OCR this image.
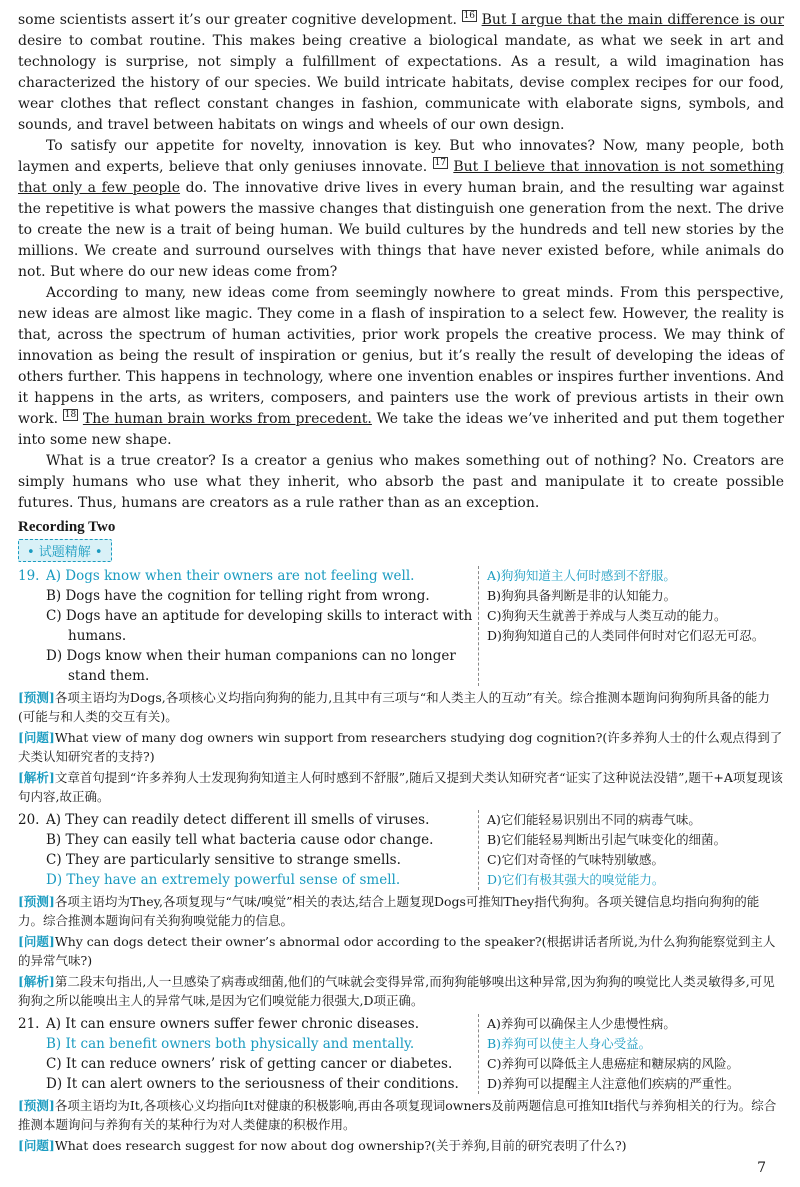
some scientists assert it’s our greater cognitive development. $^{16}$ But I argue that the main difference is our desire to combat routine. This makes being creative a biological mandate, as what we seek in art and technology is surprise, not simply a fulfillment of expectations. As a result, a wild imagination has characterized the history of our species. We build intricate habitats, devise complex recipes for our food, wear clothes that reflect constant changes in fashion, communicate with elaborate signs, symbols, and sounds, and travel between habitats on wings and wheels of our own design.

To satisfy our appetite for novelty, innovation is key. But who innovates? Now, many people, both laymen and experts, believe that only geniuses innovate. $^{17}$ But I believe that innovation is not something that only a few people do. The innovative drive lives in every human brain, and the resulting war against the repetitive is what powers the massive changes that distinguish one generation from the next. The drive to create the new is a trait of being human. We build cultures by the hundreds and tell new stories by the millions. We create and surround ourselves with things that have never existed before, while animals do not. But where do our new ideas come from?

According to many, new ideas come from seemingly nowhere to great minds. From this perspective, new ideas are almost like magic. They come in a flash of inspiration to a select few. However, the reality is that, across the spectrum of human activities, prior work propels the creative process. We may think of innovation as being the result of inspiration or genius, but it’s really the result of developing the ideas of others further. This happens in technology, where one invention enables or inspires further inventions. And it happens in the arts, as writers, composers, and painters use the work of previous artists in their own work. $^{18}$ The human brain works from precedent. We take the ideas we’ve inherited and put them together into some new shape.

What is a true creator? Is a creator a genius who makes something out of nothing? No. Creators are simply humans who use what they inherit, who absorb the past and manipulate it to create possible futures. Thus, humans are creators as a rule rather than as an exception.

Recording Two
• 试题精解 •
19. A) Dogs know when their owners are not feeling well.
B) Dogs have the cognition for telling right from wrong.
C) Dogs have an aptitude for developing skills to interact with humans.
D) Dogs know when their human companions can no longer stand them.
A)狗狗知道主人何时感到不舒服。
B)狗狗具备判断是非的认知能力。
C)狗狗天生就善于养成与人类互动的能力。
D)狗狗知道自己的人类同伴何时对它们忍无可忍。
[预测]各项主语均为Dogs,各项核心义均指向狗狗的能力,且其中有三项与“和人类主人的互动”有关。综合推测本题询问狗狗所具备的能力(可能与和人类的交互有关)。
[问题]What view of many dog owners win support from researchers studying dog cognition?(许多养狗人士的什么观点得到了犬类认知研究者的支持?)
[解析]文章首句提到“许多养狗人士发现狗狗知道主人何时感到不舒服”,随后又提到犬类认知研究者“证实了这种说法没错”,题干+A项复现该句内容,故正确。
20. A) They can readily detect different ill smells of viruses.
B) They can easily tell what bacteria cause odor change.
C) They are particularly sensitive to strange smells.
D) They have an extremely powerful sense of smell.
A)它们能轻易识别出不同的病毒气味。
B)它们能轻易判断出引起气味变化的细菌。
C)它们对奇怪的气味特别敏感。
D)它们有极其强大的嗅觉能力。
[预测]各项主语均为They,各项复现与“气味/嗅觉”相关的表达,结合上题复现Dogs可推知They指代狗狗。各项关键信息均指向狗狗的能力。综合推测本题询问有关狗狗嗅觉能力的信息。
[问题]Why can dogs detect their owner’s abnormal odor according to the speaker?(根据讲话者所说,为什么狗狗能察觉到主人的异常气味?)
[解析]第二段末句指出,人一旦感染了病毒或细菌,他们的气味就会变得异常,而狗狗能够嗅出这种异常,因为狗狗的嗅觉比人类灵敏得多,可见狗狗之所以能嗅出主人的异常气味,是因为它们嗅觉能力很强大,D项正确。
21. A) It can ensure owners suffer fewer chronic diseases.
B) It can benefit owners both physically and mentally.
C) It can reduce owners’ risk of getting cancer or diabetes.
D) It can alert owners to the seriousness of their conditions.
A)养狗可以确保主人少患慢性病。
B)养狗可以使主人身心受益。
C)养狗可以降低主人患癌症和糖尿病的风险。
D)养狗可以提醒主人注意他们疾病的严重性。
[预测]各项主语均为It,各项核心义均指向It对健康的积极影响,再由各项复现词owners及前两题信息可推知It指代与养狗相关的行为。综合推测本题询问与养狗有关的某种行为对人类健康的积极作用。
[问题]What does research suggest for now about dog ownership?(关于养狗,目前的研究表明了什么?)
7
